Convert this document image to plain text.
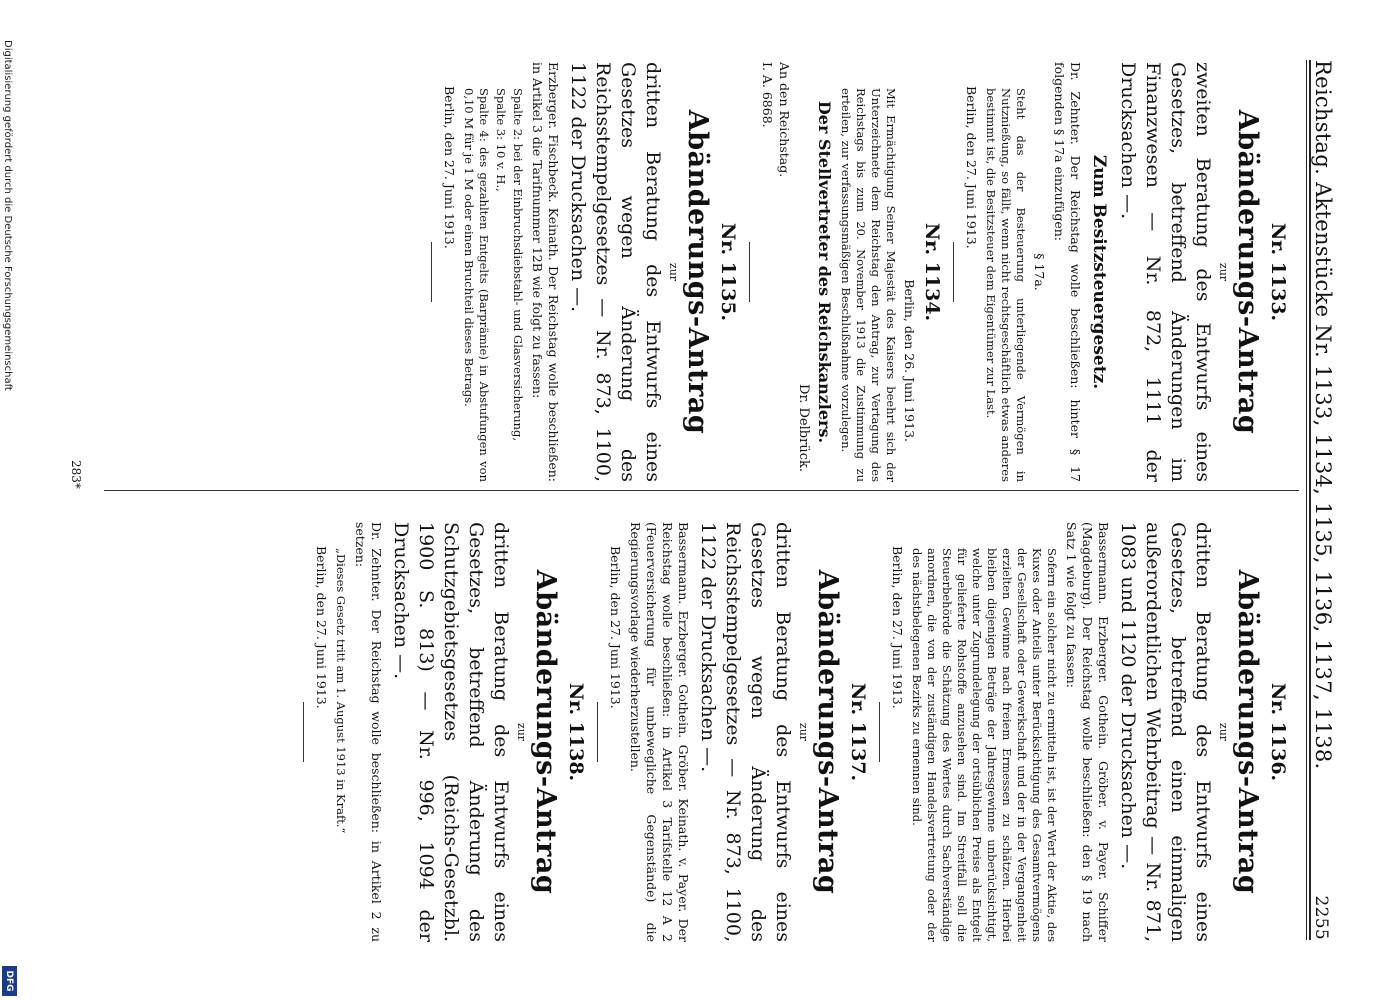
Reichstag. Aktenstücke Nr. 1133, 1134, 1135, 1136, 1137, 1138.
2255
Nr. 1133.
Abänderungs-Antrag
zur
zweiten Beratung des Entwurfs eines Gesetzes, betreffend Änderungen im Finanzwesen — Nr. 872, 1111 der Drucksachen —.
Zum Besitzsteuergesetz.
Dr. Zehnter. Der Reichstag wolle beschließen: hinter § 17 folgenden § 17a einzufügen:
§ 17a.
Steht das der Besteuerung unterliegende Vermögen in Nutznießung, so fällt, wenn nicht rechtsgeschäftlich etwas anderes bestimmt ist, die Besitzsteuer dem Eigentümer zur Last.
Berlin, den 27. Juni 1913.
Nr. 1134.
Berlin, den 26. Juni 1913.
Mit Ermächtigung Seiner Majestät des Kaisers beehrt sich der Unterzeichnete dem Reichstag den Antrag, zur Vertagung des Reichstags bis zum 20. November 1913 die Zustimmung zu erteilen, zur verfassungsmäßigen Beschlußnahme vorzulegen.
Der Stellvertreter des Reichskanzlers.
Dr. Delbrück.
An den Reichstag.
I. A. 6868.
Nr. 1135.
Abänderungs-Antrag
zur
dritten Beratung des Entwurfs eines Gesetzes wegen Änderung des Reichsstempelgesetzes — Nr. 873, 1100, 1122 der Drucksachen —.
Erzberger. Fischbeck. Keinath. Der Reichstag wolle beschließen: in Artikel 3 die Tarifnummer 12B wie folgt zu fassen:
Spalte 2: bei der Einbruchsdiebstahl- und Glasversicherung,
Spalte 3: 10 v. H.,
Spalte 4: des gezahlten Entgelts (Barprämie) in Abstufungen von 0,10 M für je 1 M oder einen Bruchteil dieses Betrags.
Berlin, den 27. Juni 1913.
Nr. 1136.
Abänderungs-Antrag
zur
dritten Beratung des Entwurfs eines Gesetzes, betreffend einen einmaligen außerordentlichen Wehrbeitrag — Nr. 871, 1083 und 1120 der Drucksachen —.
Bassermann. Erzberger. Gothein. Gröber. v. Payer. Schiffer (Magdeburg). Der Reichstag wolle beschließen: den § 19 nach Satz 1 wie folgt zu fassen:
Sofern ein solcher nicht zu ermitteln ist, ist der Wert der Aktie, des Kuxes oder Anteils unter Berücksichtigung des Gesamtvermögens der Gesellschaft oder Gewerkschaft und der in der Vergangenheit erzielten Gewinne nach freiem Ermessen zu schätzen. Hierbei bleiben diejenigen Beträge der Jahresgewinne unberücksichtigt, welche unter Zugrundelegung der ortsüblichen Preise als Entgelt für gelieferte Rohstoffe anzusehen sind. Im Streitfall soll die Steuerbehörde die Schätzung des Wertes durch Sachverständige anordnen, die von der zuständigen Handelsvertretung oder der des nächstbelegenen Bezirks zu ernennen sind.
Berlin, den 27. Juni 1913.
Nr. 1137.
Abänderungs-Antrag
zur
dritten Beratung des Entwurfs eines Gesetzes wegen Änderung des Reichsstempelgesetzes — Nr. 873, 1100, 1122 der Drucksachen —.
Bassermann. Erzberger. Gothein. Gröber. Keinath. v. Payer. Der Reichstag wolle beschließen: in Artikel 3 Tarifstelle 12 A 2 (Feuerversicherung für unbewegliche Gegenstände) die Regierungsvorlage wiederherzustellen.
Berlin, den 27. Juni 1913.
Nr. 1138.
Abänderungs-Antrag
zur
dritten Beratung des Entwurfs eines Gesetzes, betreffend Änderung des Schutzgebietsgesetzes (Reichs-Gesetzbl. 1900 S. 813) — Nr. 996, 1094 der Drucksachen —.
Dr. Zehnter. Der Reichstag wolle beschließen: in Artikel 2 zu setzen:
„Dieses Gesetz tritt am 1. August 1913 in Kraft.“
Berlin, den 27. Juni 1913.
283*
Digitalisierung gefördert durch die Deutsche Forschungsgemeinschaft
DFG
